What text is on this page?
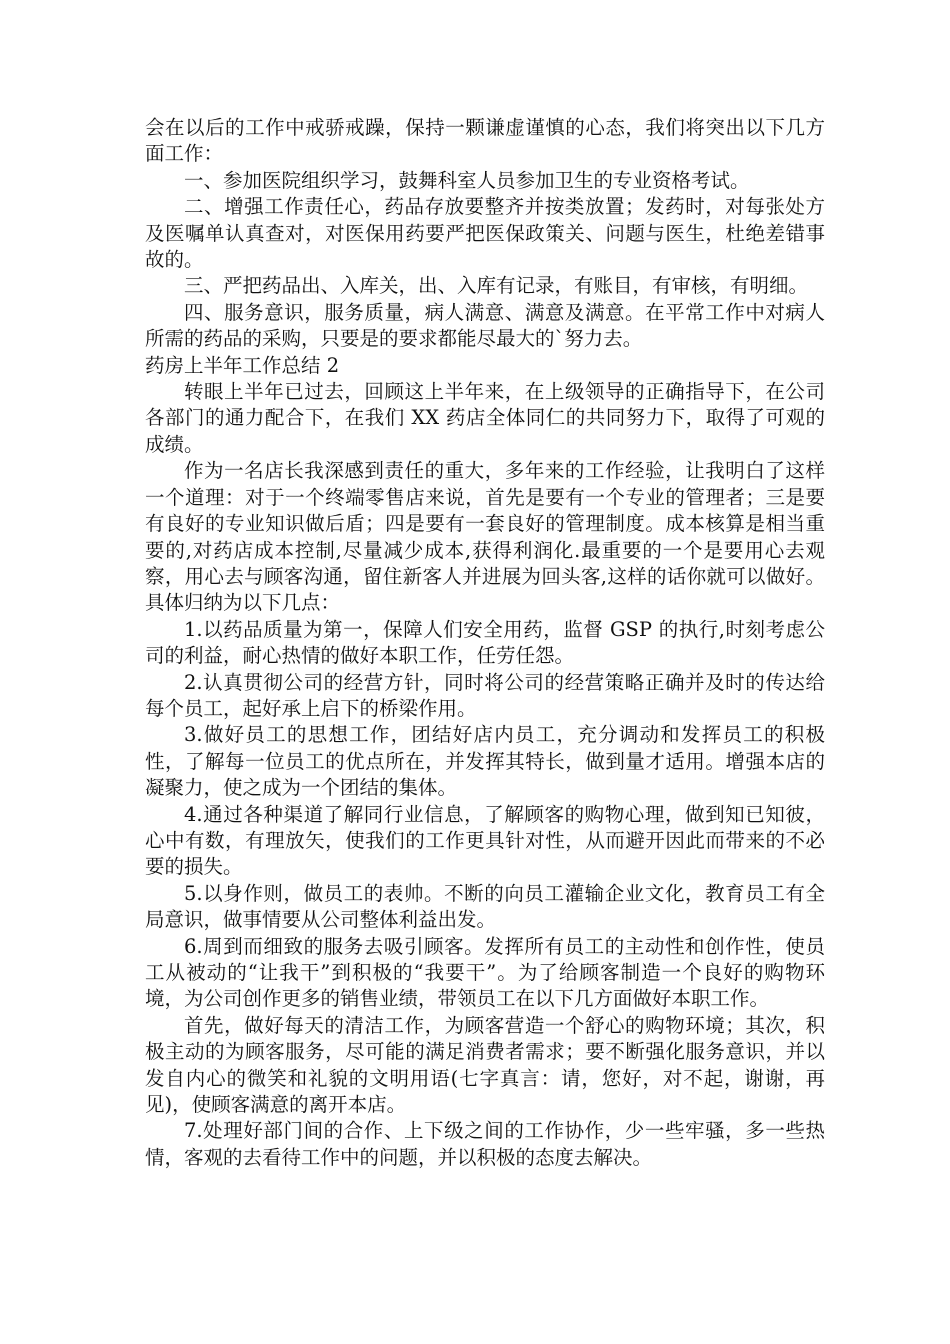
会在以后的工作中戒骄戒躁，保持一颗谦虚谨慎的心态，我们将突出以下几方面工作：

一、参加医院组织学习，鼓舞科室人员参加卫生的专业资格考试。

二、增强工作责任心，药品存放要整齐并按类放置；发药时，对每张处方及医嘱单认真查对，对医保用药要严把医保政策关、问题与医生，杜绝差错事故的。

三、严把药品出、入库关，出、入库有记录，有账目，有审核，有明细。

四、服务意识，服务质量，病人满意、满意及满意。在平常工作中对病人所需的药品的采购，只要是的要求都能尽最大的`努力去。

药房上半年工作总结 2

转眼上半年已过去，回顾这上半年来，在上级领导的正确指导下，在公司各部门的通力配合下，在我们 XX 药店全体同仁的共同努力下，取得了可观的成绩。

作为一名店长我深感到责任的重大，多年来的工作经验，让我明白了这样一个道理：对于一个终端零售店来说，首先是要有一个专业的管理者；三是要有良好的专业知识做后盾；四是要有一套良好的管理制度。成本核算是相当重要的,对药店成本控制,尽量减少成本,获得利润化.最重要的一个是要用心去观察，用心去与顾客沟通，留住新客人并进展为回头客,这样的话你就可以做好。具体归纳为以下几点：

1.以药品质量为第一，保障人们安全用药，监督 GSP 的执行,时刻考虑公司的利益，耐心热情的做好本职工作，任劳任怨。

2.认真贯彻公司的经营方针，同时将公司的经营策略正确并及时的传达给每个员工，起好承上启下的桥梁作用。

3.做好员工的思想工作，团结好店内员工，充分调动和发挥员工的积极性，了解每一位员工的优点所在，并发挥其特长，做到量才适用。增强本店的凝聚力，使之成为一个团结的集体。

4.通过各种渠道了解同行业信息，了解顾客的购物心理，做到知已知彼，心中有数，有理放矢，使我们的工作更具针对性，从而避开因此而带来的不必要的损失。

5.以身作则，做员工的表帅。不断的向员工灌输企业文化，教育员工有全局意识，做事情要从公司整体利益出发。

6.周到而细致的服务去吸引顾客。发挥所有员工的主动性和创作性，使员工从被动的“让我干”到积极的“我要干”。为了给顾客制造一个良好的购物环境，为公司创作更多的销售业绩，带领员工在以下几方面做好本职工作。

首先，做好每天的清洁工作，为顾客营造一个舒心的购物环境；其次，积极主动的为顾客服务，尽可能的满足消费者需求；要不断强化服务意识，并以发自内心的微笑和礼貌的文明用语(七字真言：请，您好，对不起，谢谢，再见)，使顾客满意的离开本店。

7.处理好部门间的合作、上下级之间的工作协作，少一些牢骚，多一些热情，客观的去看待工作中的问题，并以积极的态度去解决。
